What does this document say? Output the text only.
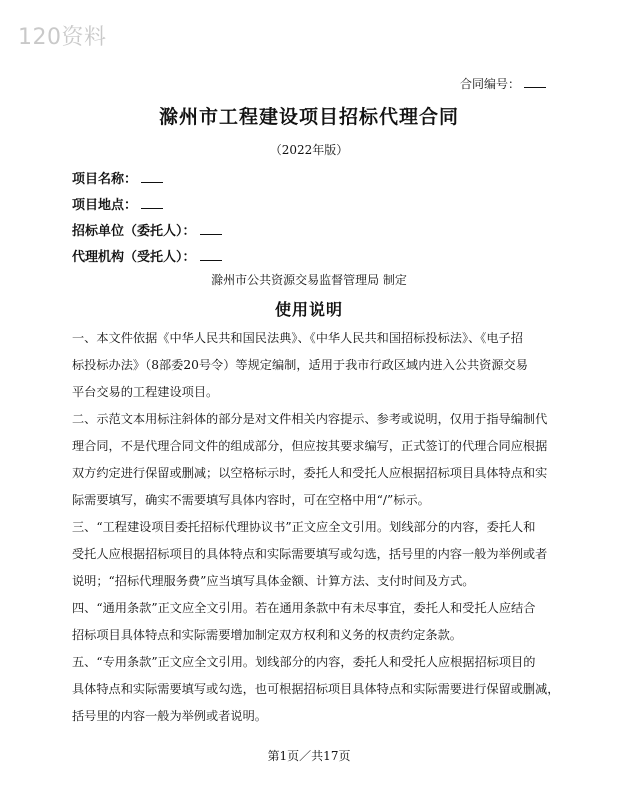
120资料
合同编号：
滁州市工程建设项目招标代理合同
（2022年版）
项目名称：
项目地点：
招标单位（委托人）：
代理机构（受托人）：
滁州市公共资源交易监督管理局 制定
使用说明

一、本文件依据《中华人民共和国民法典》、《中华人民共和国招标投标法》、《电子招
标投标办法》（8部委20号令）等规定编制，适用于我市行政区域内进入公共资源交易
平台交易的工程建设项目。

二、示范文本用标注斜体的部分是对文件相关内容提示、参考或说明，仅用于指导编制代
理合同，不是代理合同文件的组成部分，但应按其要求编写，正式签订的代理合同应根据
双方约定进行保留或删减；以空格标示时，委托人和受托人应根据招标项目具体特点和实
际需要填写，确实不需要填写具体内容时，可在空格中用“/”标示。

三、“工程建设项目委托招标代理协议书”正文应全文引用。划线部分的内容，委托人和
受托人应根据招标项目的具体特点和实际需要填写或勾选，括号里的内容一般为举例或者
说明；“招标代理服务费”应当填写具体金额、计算方法、支付时间及方式。

四、“通用条款”正文应全文引用。若在通用条款中有未尽事宜，委托人和受托人应结合
招标项目具体特点和实际需要增加制定双方权利和义务的权责约定条款。

五、“专用条款”正文应全文引用。划线部分的内容，委托人和受托人应根据招标项目的
具体特点和实际需要填写或勾选，也可根据招标项目具体特点和实际需要进行保留或删减，
括号里的内容一般为举例或者说明。

第1页／共17页
